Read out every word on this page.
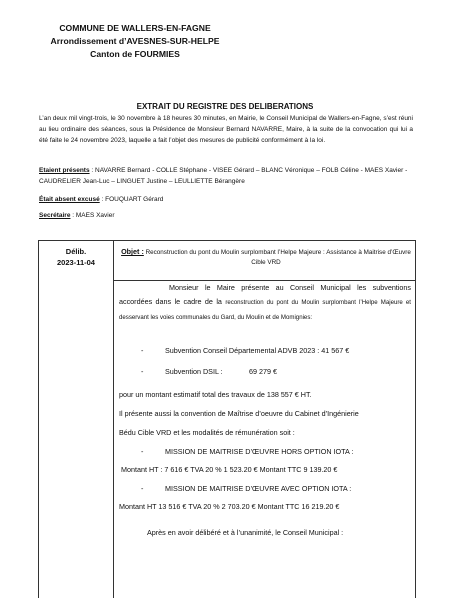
COMMUNE DE WALLERS-EN-FAGNE
Arrondissement d’AVESNES-SUR-HELPE
Canton de FOURMIES
EXTRAIT DU REGISTRE DES DELIBERATIONS
L’an deux mil vingt-trois, le 30 novembre à 18 heures 30 minutes, en Mairie, le Conseil Municipal de Wallers-en-Fagne, s’est réuni au lieu ordinaire des séances, sous la Présidence de Monsieur Bernard NAVARRE, Maire, à la suite de la convocation qui lui a été faite le 24 novembre 2023, laquelle a fait l’objet des mesures de publicité conformément à la loi.
Etaient présents : NAVARRE Bernard - COLLE Stéphane - VISEE Gérard – BLANC Véronique – FOLB Céline - MAES Xavier - CAUDRELIER Jean-Luc – LINGUET Justine – LEULLIETTE Bérangère
Était absent excusé : FOUQUART Gérard
Secrétaire : MAES Xavier
Délib.
2023-11-04
Objet : Reconstruction du pont du Moulin surplombant l’Helpe Majeure : Assistance à Maitrise d’Œuvre Cible VRD
Monsieur le Maire présente au Conseil Municipal les subventions accordées dans le cadre de la reconstruction du pont du Moulin surplombant l’Helpe Majeure et desservant les voies communales du Gard, du Moulin et de Momignies:
-	Subvention Conseil Départemental ADVB 2023 : 41 567 €
-	Subvention DSIL :	69 279 €
pour un montant estimatif total des travaux de 138 557 € HT.
Il présente aussi la convention de Maîtrise d’oeuvre du Cabinet d’Ingénierie
Bédu Cible VRD et les modalités de rémunération soit :
-	MISSION DE MAITRISE D’ŒUVRE HORS OPTION IOTA :
Montant HT : 7 616 € TVA 20 % 1 523.20 € Montant TTC 9 139.20 €
-	MISSION DE MAITRISE D’ŒUVRE AVEC OPTION IOTA :
Montant HT 13 516 € TVA 20 % 2 703.20 € Montant TTC 16 219.20 €
Après en avoir délibéré et à l’unanimité, le Conseil Municipal :
